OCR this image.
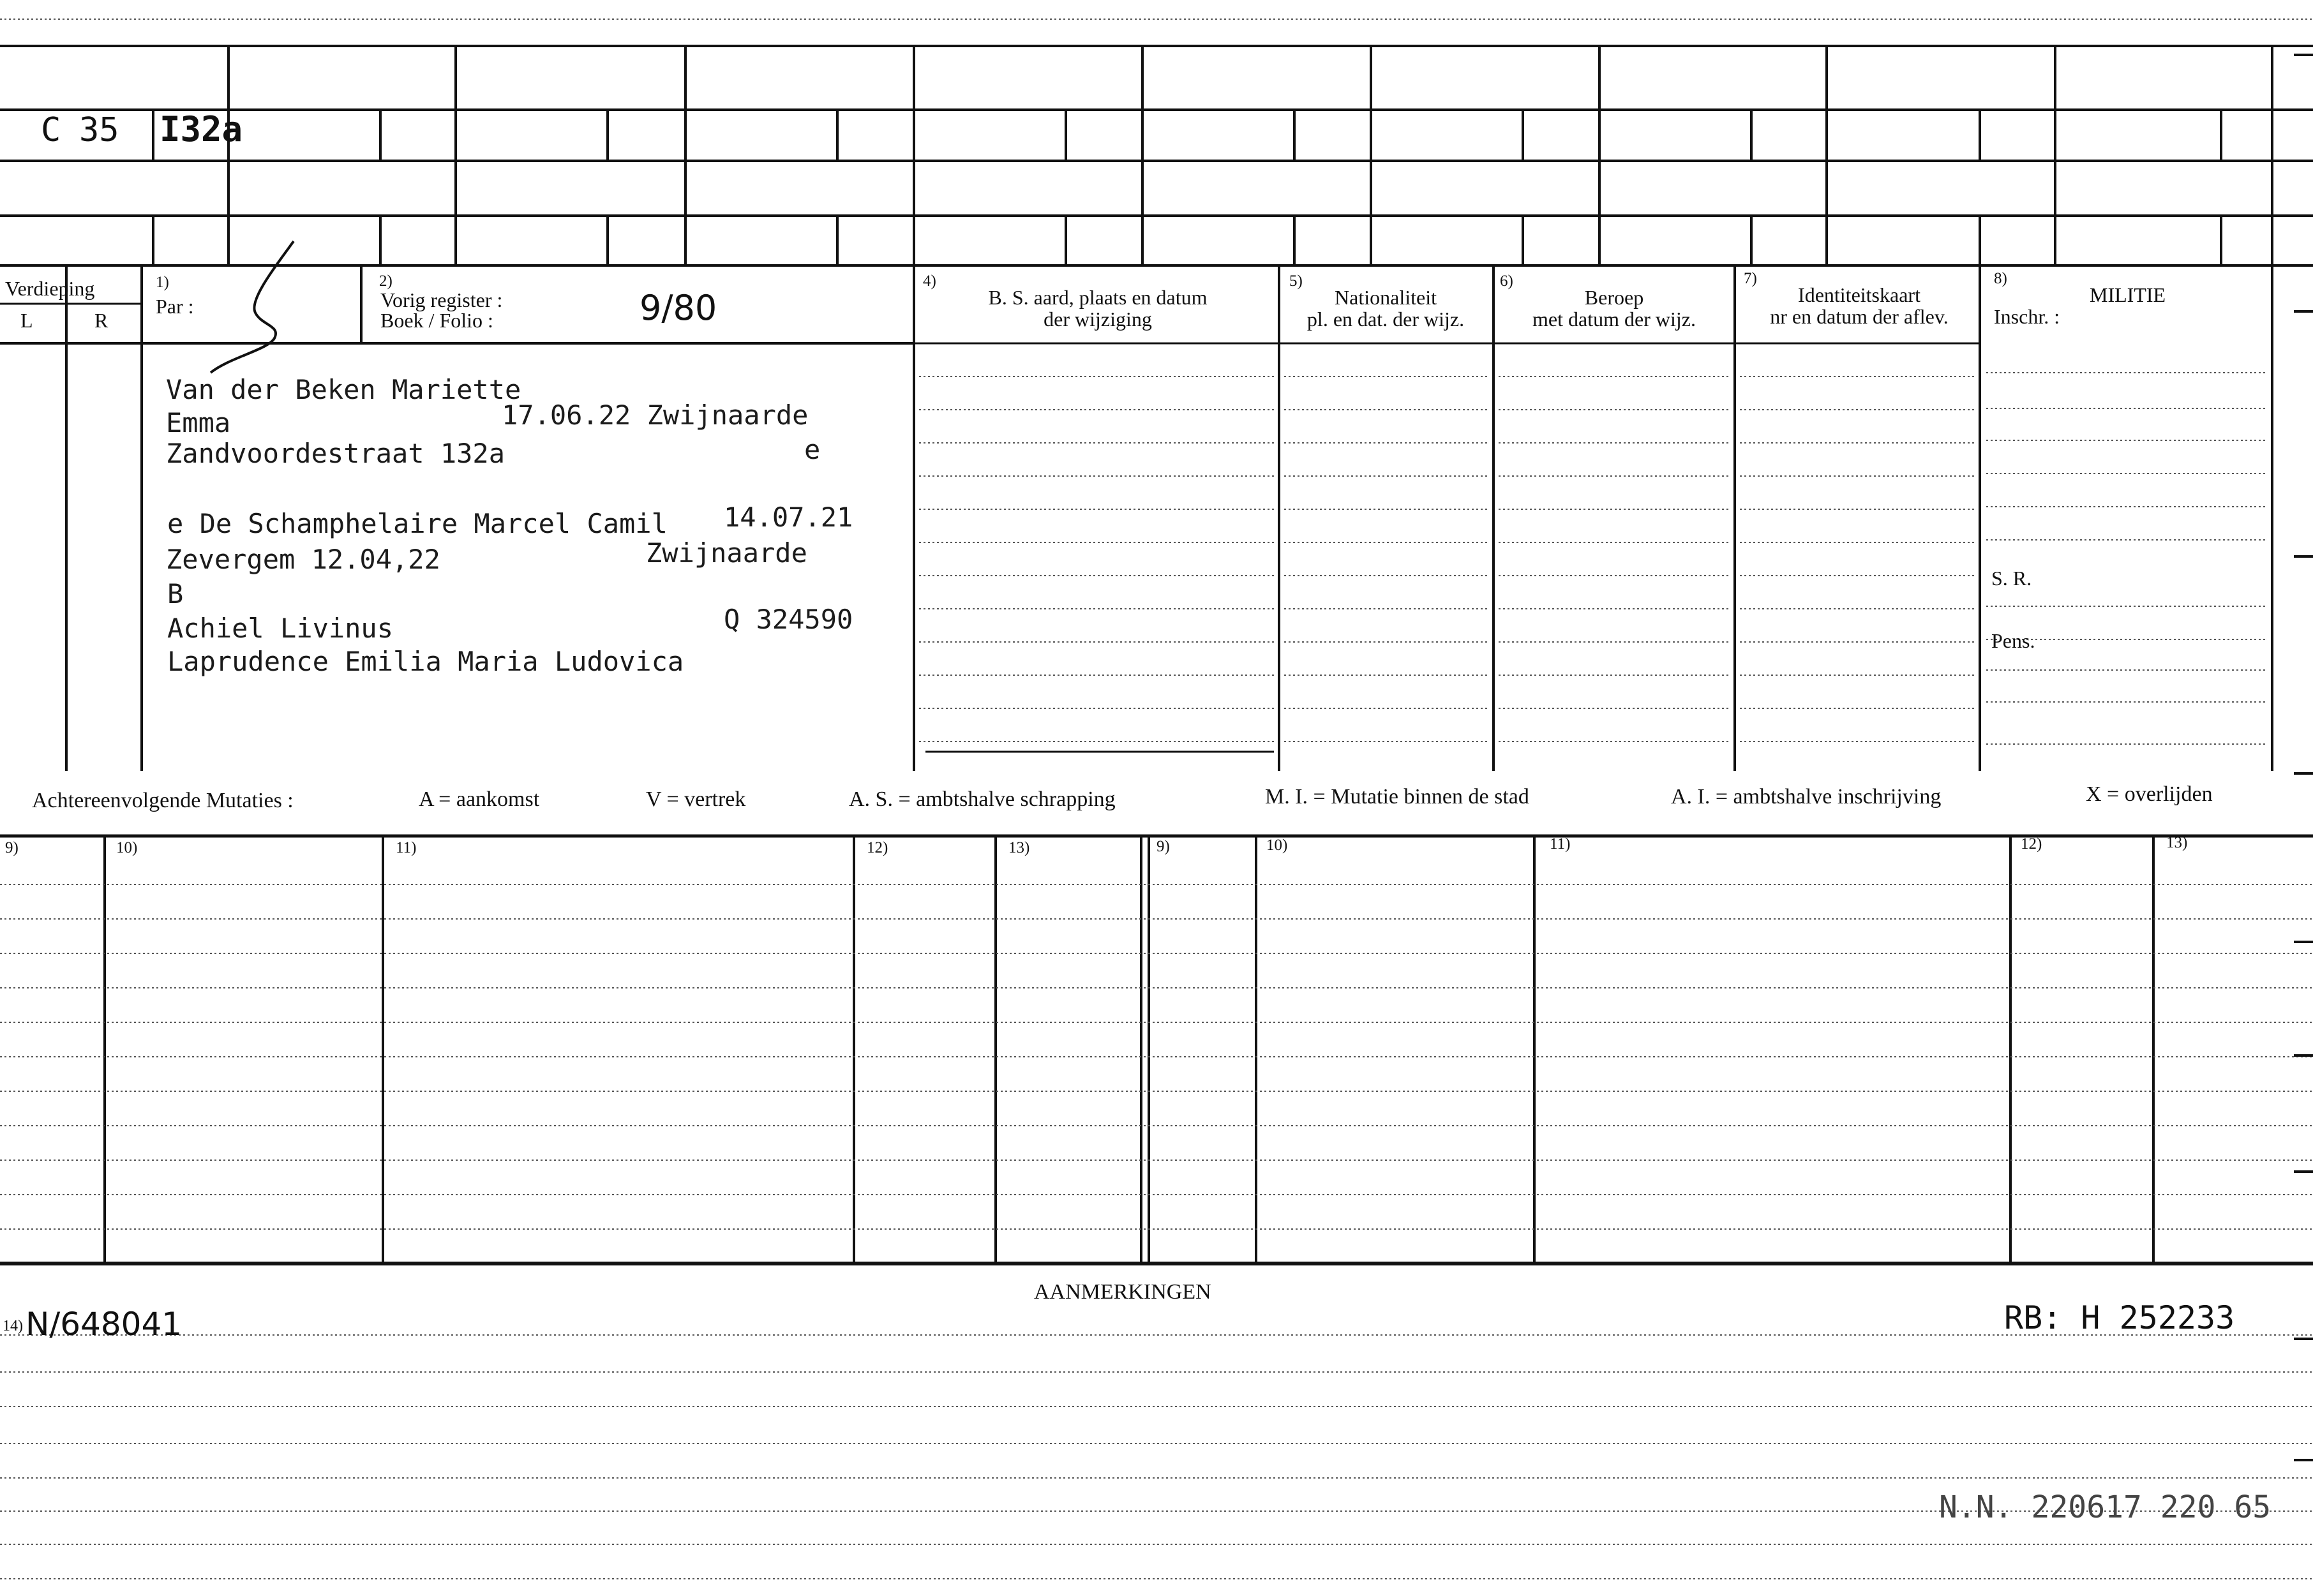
C 35 I32a
Verdieping
L	R
1)
Par :
2)
Vorig register :
Boek / Folio :	9/80
4)
B. S. aard, plaats en datum
der wijziging
5)
Nationaliteit
pl. en dat. der wijz.
6)
Beroep
met datum der wijz.
7)
Identiteitskaart
nr en datum der aflev.
8)
MILITIE
Inschr. :
S. R.
Pens.
Van der Beken Mariette
Emma	17.06.22 Zwijnaarde
Zandvoordestraat 132a	e
e De Schamphelaire Marcel Camil 14.07.21
Zevergem 12.04,22	Zwijnaarde
B
Achiel Livinus	Q 324590
Laprudence Emilia Maria Ludovica
Achtereenvolgende Mutaties :	A = aankomst	V = vertrek	A. S. = ambtshalve schrapping	M. I. = Mutatie binnen de stad	A. I. = ambtshalve inschrijving	X = overlijden
9)	10)	11)	12)	13)	9)	10)	11)	12)	13)
AANMERKINGEN
14) N/648041	RB: H 252233
N.N. 220617 220 65
